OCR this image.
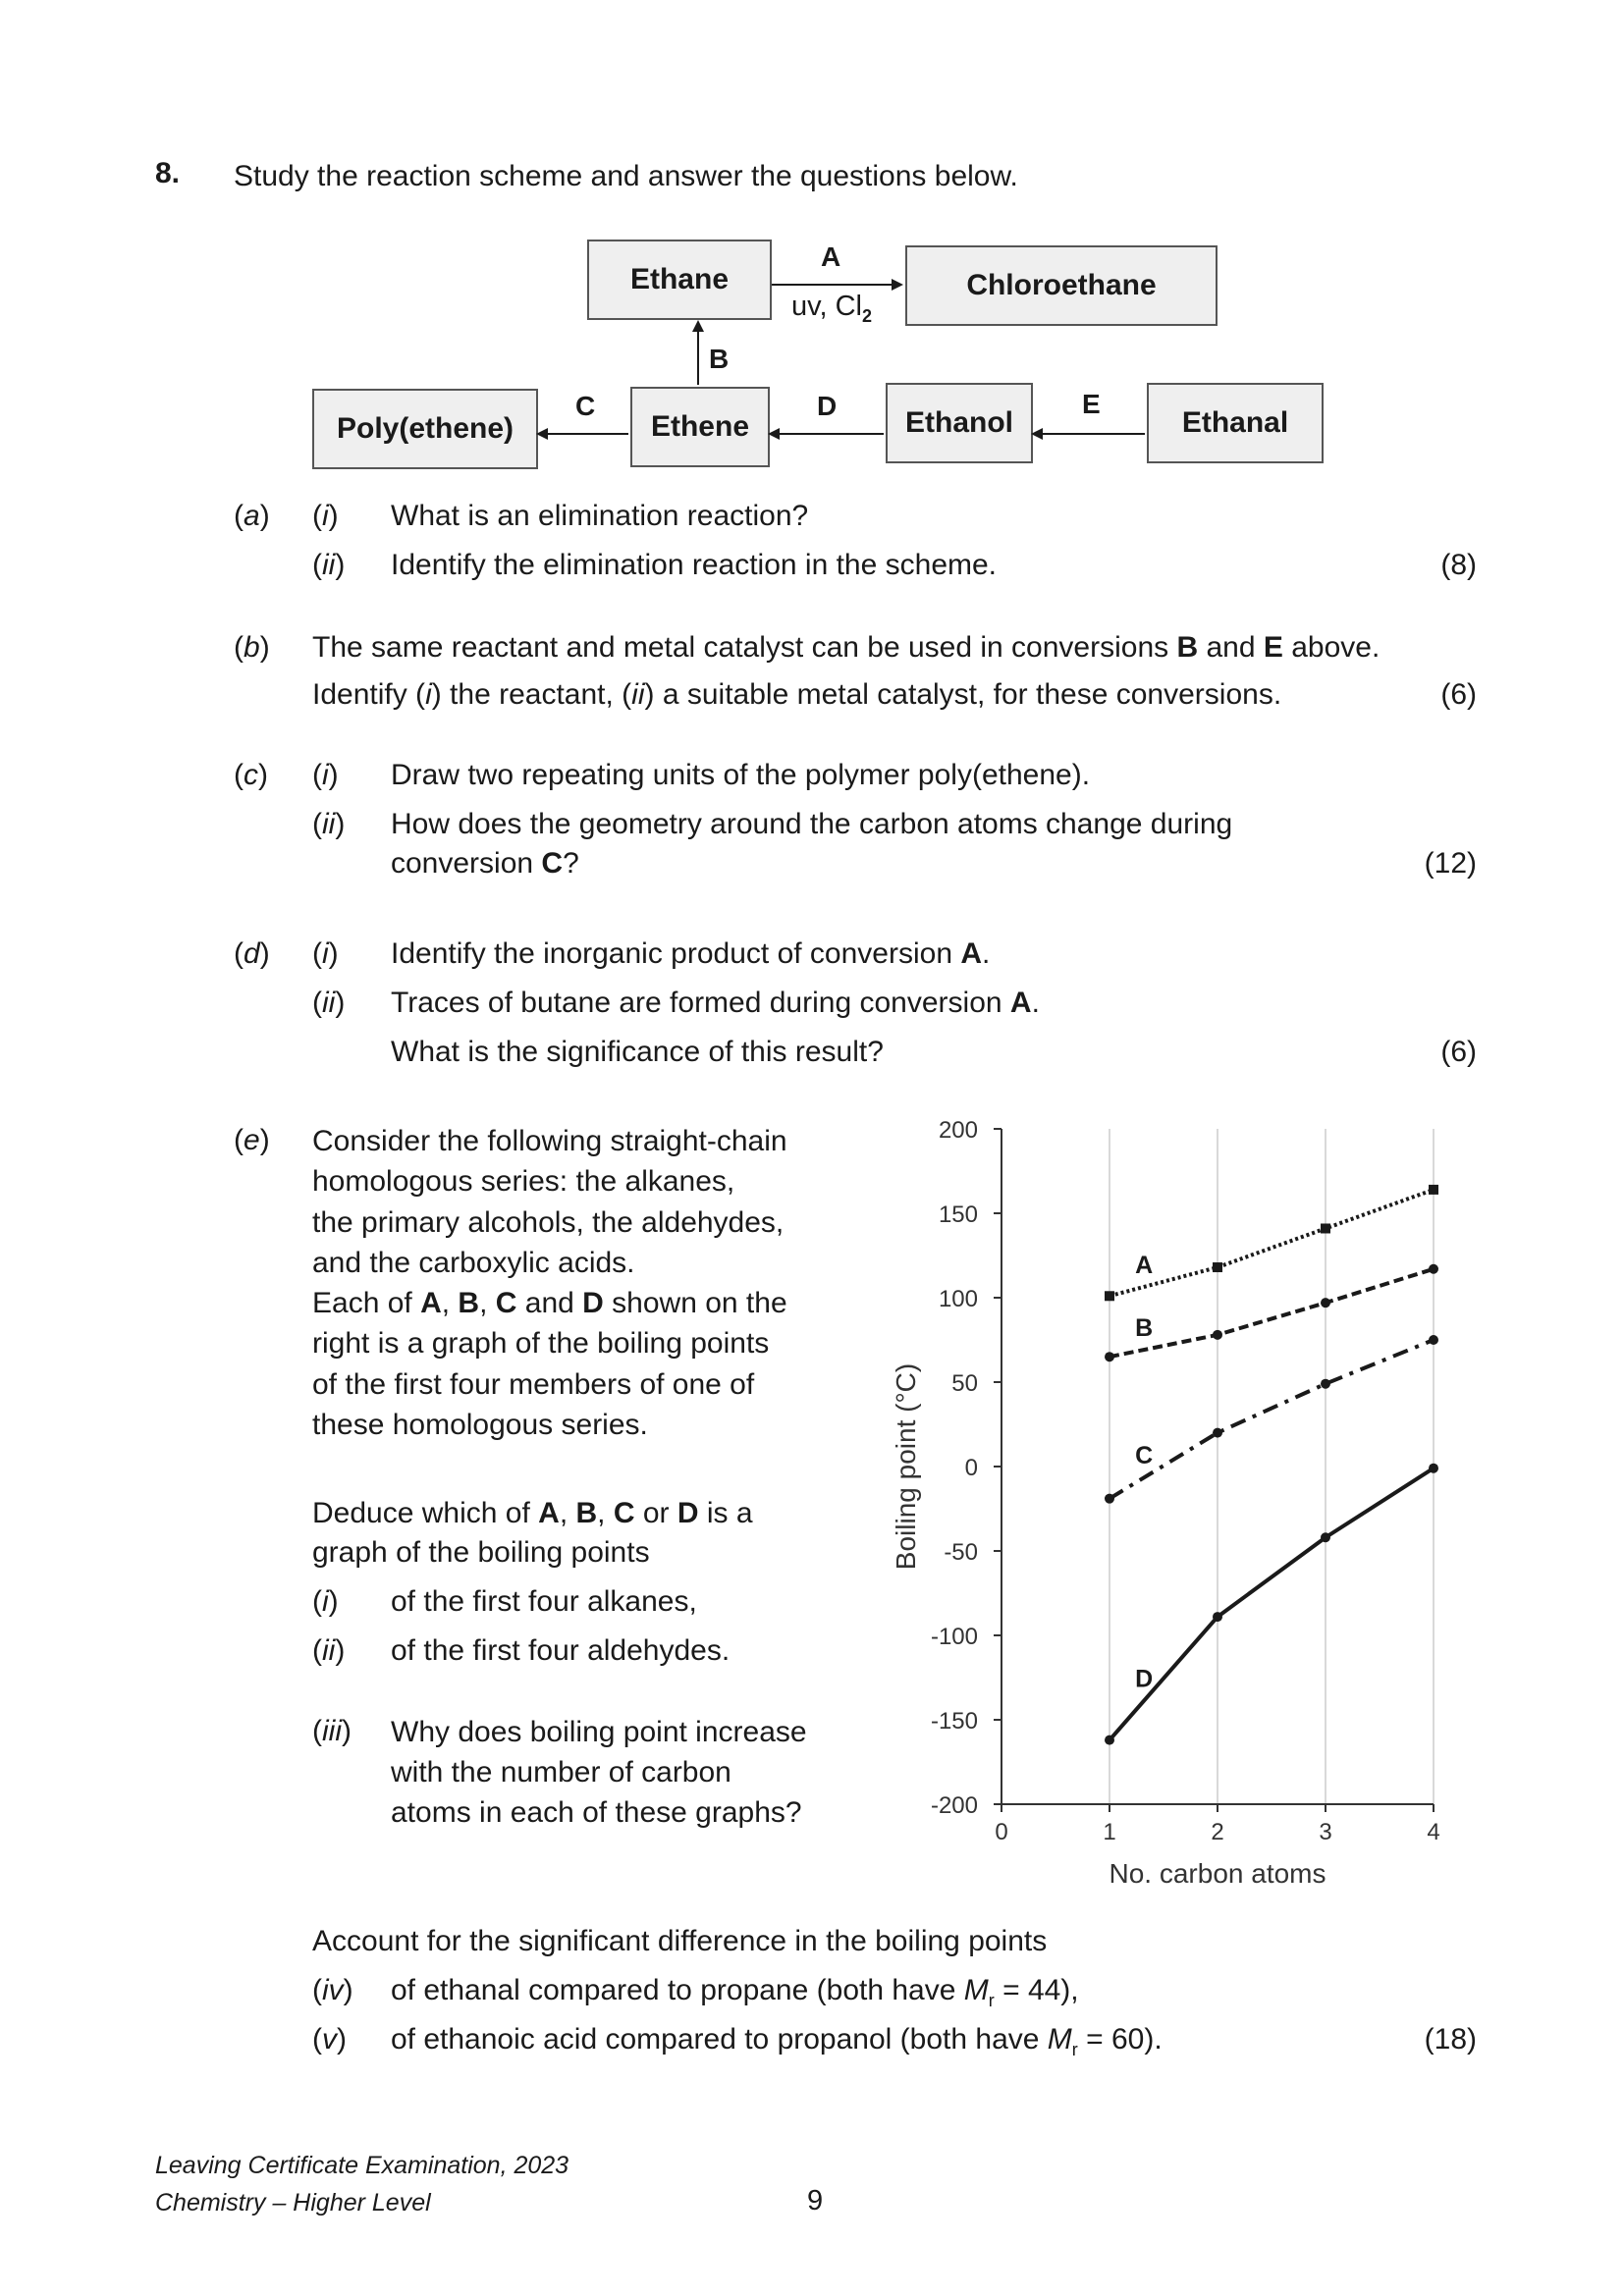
8. Study the reaction scheme and answer the questions below.
Ethane	Chloroethane
Poly(ethene)	Ethene	Ethanol	Ethanal
A
uv, $Cl_2$
B
C	D	E
(a) (i) What is an elimination reaction?
(ii) Identify the elimination reaction in the scheme.	(8)
(b) The same reactant and metal catalyst can be used in conversions B and E above.
Identify (i) the reactant, (ii) a suitable metal catalyst, for these conversions.	(6)
(c) (i) Draw two repeating units of the polymer poly(ethene).
(ii) How does the geometry around the carbon atoms change during
conversion C?	(12)
(d) (i) Identify the inorganic product of conversion A.
(ii) Traces of butane are formed during conversion A.
What is the significance of this result?	(6)
(e) Consider the following straight-chain
homologous series: the alkanes,
the primary alcohols, the aldehydes,
and the carboxylic acids.
Each of A, B, C and D shown on the
right is a graph of the boiling points
of the first four members of one of
these homologous series.
Deduce which of A, B, C or D is a
graph of the boiling points
(i) of the first four alkanes,
(ii) of the first four aldehydes.
(iii) Why does boiling point increase
with the number of carbon
atoms in each of these graphs?
Account for the significant difference in the boiling points
(iv) of ethanal compared to propane (both have $M_r = 44$),
(v) of ethanoic acid compared to propanol (both have $M_r = 60$).	(18)
200
150
100
50
0
-50
-100
-150
-200
0	1	2	3	4
No. carbon atoms
Boiling point (°C)
A
B
C
D
Leaving Certificate Examination, 2023
Chemistry – Higher Level	9
